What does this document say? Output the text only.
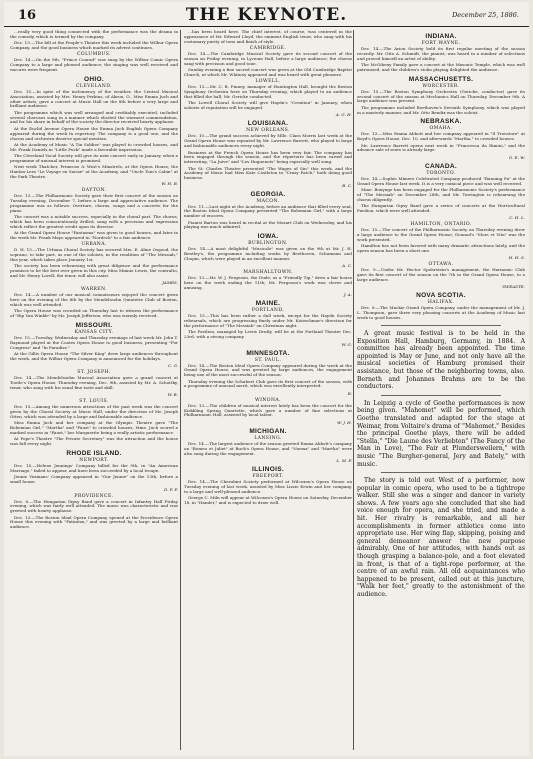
16	THE KEYNOTE.	December 25, 1886.

…really very good thing connected with the performance was the drama in the comedy, which is termed by the company.

Dec. 13.—The bill at the People's Theatre this week included the Wilbur Opera Company, and the good business which marked its advent continues.

COLUMBUS.

Dec. 14.—On the 9th, "Prince Conrad" was sung by the Wilbur Comic Opera Company to a large and pleased audience; the singing was well received and encores were frequent.

OHIO.
CLEVELAND.

Dec. 15.—In spite of the inclemency of the weather, the Central Musical Association, assisted by Mrs. Henry Perkins, of Akron, O., Miss Emma Juch and other artists, gave a concert at Music Hall on the 8th before a very large and brilliant audience.

The programme which was well arranged and creditably executed, included several choruses sung in a manner which elicited the warmest commendation, and for his share in behalf of the society the director received hearty applause.

At the Euclid Avenue Opera House the Emma Juch English Opera Company appeared during the week in repertory. The company is a good one, and the chorus and orchestra deserve special mention.

At the Academy of Music "A Tin Soldier" was played to crowded houses, and Mr. Frank Daniels in "Little Puck" made a favorable impression.

The Cleveland Vocal Society will give its next concert early in January, when a programme of unusual interest is promised.

Next week Thatcher, Primrose & West's Minstrels, at the Opera House; the Hanlon-Lees "Le Voyage en Suisse" at the Academy, and "Uncle Tom's Cabin" at the Park Theatre.

W. H. B.
DAYTON.

Dec. 13.—The Philharmonic Society gave their first concert of the season on Tuesday evening, December 7, before a large and appreciative audience. The programme was as follows: Overture, chorus, songs and a concerto for the piano.

The concert was a notable success, especially in the choral part. The chorus, which has been conscientiously drilled, sang with a precision and expression which reflect the greatest credit upon its director.

At the Grand Opera House "Fantasma" was given to good houses, and later in the week Mr. Frank Mayo appeared in "Nordeck" to a fair audience.

URBANA.

D. H. 15.—The Urbana Choral Society has secured Mrs. E. Aline Osgood, the soprano, to take part, as one of the soloists, in the rendition of "The Messiah," this year, which takes place January 1st.

The society has been rehearsing with great diligence and the performance promises to be the best ever given in this city. Miss Minnie Lewis, the contralto, and Mr. Henry Lovell, the tenor, will also assist.

JAMES.
WARREN.

Dec. 14.—A number of our musical connoisseurs enjoyed the concert given here on the evening of the 8th by the Mendelssohn Quintette Club of Boston, which was well attended.

The Opera House was crowded on Thursday last to witness the performance of "Rip Van Winkle" by Mr. Joseph Jefferson, who was warmly received.

MISSOURI.
KANSAS CITY.

Dec. 15.—Tuesday, Wednesday and Thursday evenings of last week Mr. John T. Raymond played at the Coates Opera House to good business, presenting "For Congress" and "In Paradise."

At the Gillis Opera House "The Silver King" drew large audiences throughout the week, and the Wilbur Opera Company is announced for the holidays.

C. G.
ST. JOSEPH.

Dec. 14.—The Mendelssohn Musical Association gave a grand concert at Tootle's Opera House, Thursday evening, Dec. 9th, assisted by Mr. A. Schottky, tenor, who sang with his usual fine taste and skill.

W. B.
ST. LOUIS.

Dec. 15.—Among the numerous attractions of the past week was the concert given by the Choral Society at Music Hall, under the direction of Mr. Joseph Otten, which was attended by a large and fashionable audience.

Miss Emma Juch and her company at the Olympic Theatre gave "The Bohemian Girl," "Martha" and "Faust" to crowded houses; Mme. Juch scored a marked success in "Faust," her Marguerite being a really artistic performance.

At Pope's Theatre "The Private Secretary" was the attraction and the house was full every night.

RHODE ISLAND.
NEWPORT.

Dec. 15.—Helene Jennings' Company billed for the 9th, in "An American Marriage," failed to appear, and have been succeeded by a local troupe.

Jennie Yeamans' Company appeared in "Our Jennie" on the 13th, before a small house.

D. F. F.
PROVIDENCE.

Dec. 8.—The Hungarian Gipsy Band gave a concert in Infantry Hall Friday evening, which was fairly well attended. The music was characteristic and was greeted with hearty applause.

Dec. 13.—The Boston Ideal Opera Company opened at the Providence Opera House this evening with "Fatinitza," and was greeted by a large and brilliant audience.

…has been heard here. The chief interest, of course, was centered in the appearance of Mr. Edward Lloyd, the eminent English tenor, who sang with his customary purity of tone and finish of style.

CAMBRIDGE.

Dec. 14.—The Cambridge Musical Society gave its second concert of the season on Friday evening, in Lyceum Hall, before a large audience; the chorus sang with precision and good tone.

Sunday evening a fine sacred concert was given at the Old Cambridge Baptist Church, at which Mr. Whitney appeared and was heard with great pleasure.

LOWELL.

Dec. 13.—Mr. C. B. Pinney, manager of Huntington Hall, brought the Boston Symphony Orchestra here on Thursday evening, which played to an audience that filled the hall; Mr. Gericke conducted.

The Lowell Choral Society will give Haydn's "Creation" in January, when soloists of reputation will be engaged.

A. G. H.
LOUISIANA.
NEW ORLEANS.

Dec. 10.—The grand success achieved by Mlle. Clara Morris last week at the Grand Opera House was repeated by Mr. Lawrence Barrett, who played to large and fashionable audiences every night.

Business at the French Opera House has been very fair. The company has been engaged through the season, and the répertoire has been varied and interesting, "La Juive" and "Les Huguenots" being especially well sung.

The St. Charles Theatre presented "The Wages of Sin" this week, and the Academy of Music had Miss Kate Castleton in "Crazy Patch," both doing good business.

B. C.
GEORGIA.
MACON.

Dec. 11.—Last night at the Academy, before an audience that filled every seat, the Boston Ideal Opera Company presented "The Bohemian Girl," with a large number of encores.

Pianist Barton was heard in recital at the Mozart Club on Wednesday, and his playing was much admired.

IOWA.
BURLINGTON.

Dec. 14.—A most delightful "Musicale" was given on the 9th at Mr. J. H. Bentley's, the programme including works by Beethoven, Schumann and Chopin, which were played in an excellent manner.

A. C.
MARSHALLTOWN.

Dec. 13.—Mr. W. J. Ferguson, the Dude, as a "Friendly Tip," drew a fair house here on the week ending the 11th; Mr. Ferguson's work was clever and amusing.

J. A.
MAINE.
PORTLAND.

Dec. 15.—This has been rather a dull week, except for the Haydn Society rehearsals, which are progressing finely under Mr. Kotzschmar's direction for the performance of "The Messiah" on Christmas night.

The Pavilion, managed by Lewis Drutly, will be at the Portland Theatre Dec. 23rd, with a strong company.

W. G.
MINNESOTA.
ST. PAUL.

Dec. 14.—The Boston Ideal Opera Company appeared during the week at the Grand Opera House, and was greeted by large audiences, the engagement being one of the most successful of the season.

Thursday evening the Schubert Club gave its first concert of the season, with a programme of unusual merit, which was excellently interpreted.

B.
WINONA.

Dec. 13.—The children of musical interest lately has been the concert for the Kirkbling Spring Quartette, which gave a number of fine selections at Philharmonic Hall, assisted by local talent.

W. J. H.
MICHIGAN.
LANSING.

Dec. 14.—The largest audience of the season greeted Emma Abbott's company on "Romeo et Juliet" at Buck's Opera House, and "Norma" and "Martha" were also sung during the engagement.

L. M. F.
ILLINOIS.
FREEPORT.

Dec. 14.—The Cherubini Society performed at Wilcoxon's Opera House on Tuesday evening of last week, assisted by Miss Lizzie Erwin and her company, to a large and well-pleased audience.

George C. Miln will appear at Wilcoxon's Opera House on Saturday, December 18, in "Hamlet," and is expected to draw well.

INDIANA.
FORT WAYNE.

Dec. 14.—The Arion Society held its first regular meeting of the season recently. Mr. Otto A. Schmidt, the pianist, was heard in a number of selections and proved himself an artist of ability.

The McGibeny Family gave a concert at the Masonic Temple, which was well patronized, and the children's violin playing delighted the audience.

MASSACHUSETTS.
WORCESTER.

Dec. 15.—The Boston Symphony Orchestra (Gericke, conductor) gave its second concert of the season at Mechanics Hall on Thursday, December 9th. A large audience was present.

The programme included Beethoven's Seventh Symphony, which was played in a masterly manner, and Mr. Otto Bendix was the soloist.

NEBRASKA.
OMAHA.

Dec. 13.—Miss Emma Abbott and her company appeared in "Il Trovatore" at Boyd's Opera House, Dec. 10, and afterwards "Martha," to crowded houses.

Mr. Lawrence Barrett opens next week in "Francesca da Rimini," and the advance sale of seats is already large.

G. E. W.
CANADA.
TORONTO.

Dec. 14.—Sophie Mimers Celebrated Company produced "Running Pa" at the Grand Opera House last week. It is a very comical piece and was well received.

Mme. Bonynge has been engaged for the Philharmonic Society's performance of "The Messiah" on December 28th, and Mr. Torrington is rehearsing the chorus diligently.

The Hungarian Gipsy Band gave a series of concerts at the Horticultural Pavilion, which were well attended.

C. H. L.
HAMILTON, ONTARIO.

Dec. 15.—The concert of the Philharmonic Society on Thursday evening drew a large audience to the Grand Opera House; Gounod's "Mors et Vita" was the work presented.

Hamilton has not been favored with many dramatic attractions lately, and the opera season has been a short one.

H. H. S.
OTTAWA.

Dec. 9.—Under Mr. Hector Spohrstein's management, the Harmonic Club gave its first concert of the season on the 7th in the Grand Opera House, to a large audience.

SWEASTE.
NOVA SCOTIA.
HALIFAX.

Dec. 8.—The Mackie Grand Opera Company, under the management of Mr. J. L. Thompson, gave three very pleasing concerts at the Academy of Music last week to good houses.

A great music festival is to be held in the Exposition Hall, Hamburg, Germany, in 1884. A committee has already been appointed. The time appointed is May or June, and not only have all the musical societies of Hamburg promised their assistance, but those of the neighboring towns, also. Berneth and Johannes Brahms are to be the conductors.

In Leipzig a cycle of Goethe performances is now being given. "Mahomet" will be performed, which Goethe translated and adapted for the stage at Weimar, from Voltaire's drama of "Mahomet." Besides the principal Goethe plays, there will be added "Stella," "Die Laune des Verliebten" (The Fancy of the Man in Love), "The Fair at Plundersweilern," with music "The Burgher-general, Jery and Bately," with music.

The story is told out West of a performer, now popular in comic opera, who used to be a tightrope walker. Still she was a singer and dancer in variety shows. A few years ago she concluded that she had voice enough for opera, and she tried, and made a hit. Her rivalry is remarkable, and all her accomplishments in former athletics come into appropriate use. Her wing flap, skipping, poising and general demeanor answer the new purpose admirably. One of her attitudes, with hands out as though grasping a balance-pole, and a foot elevated in front, is that of a tight-rope performer, at the centre of an awful rain. All old acquaintances who happened to be present, called out at this juncture, "Walk her feet," greatly to the astonishment of the audience.
